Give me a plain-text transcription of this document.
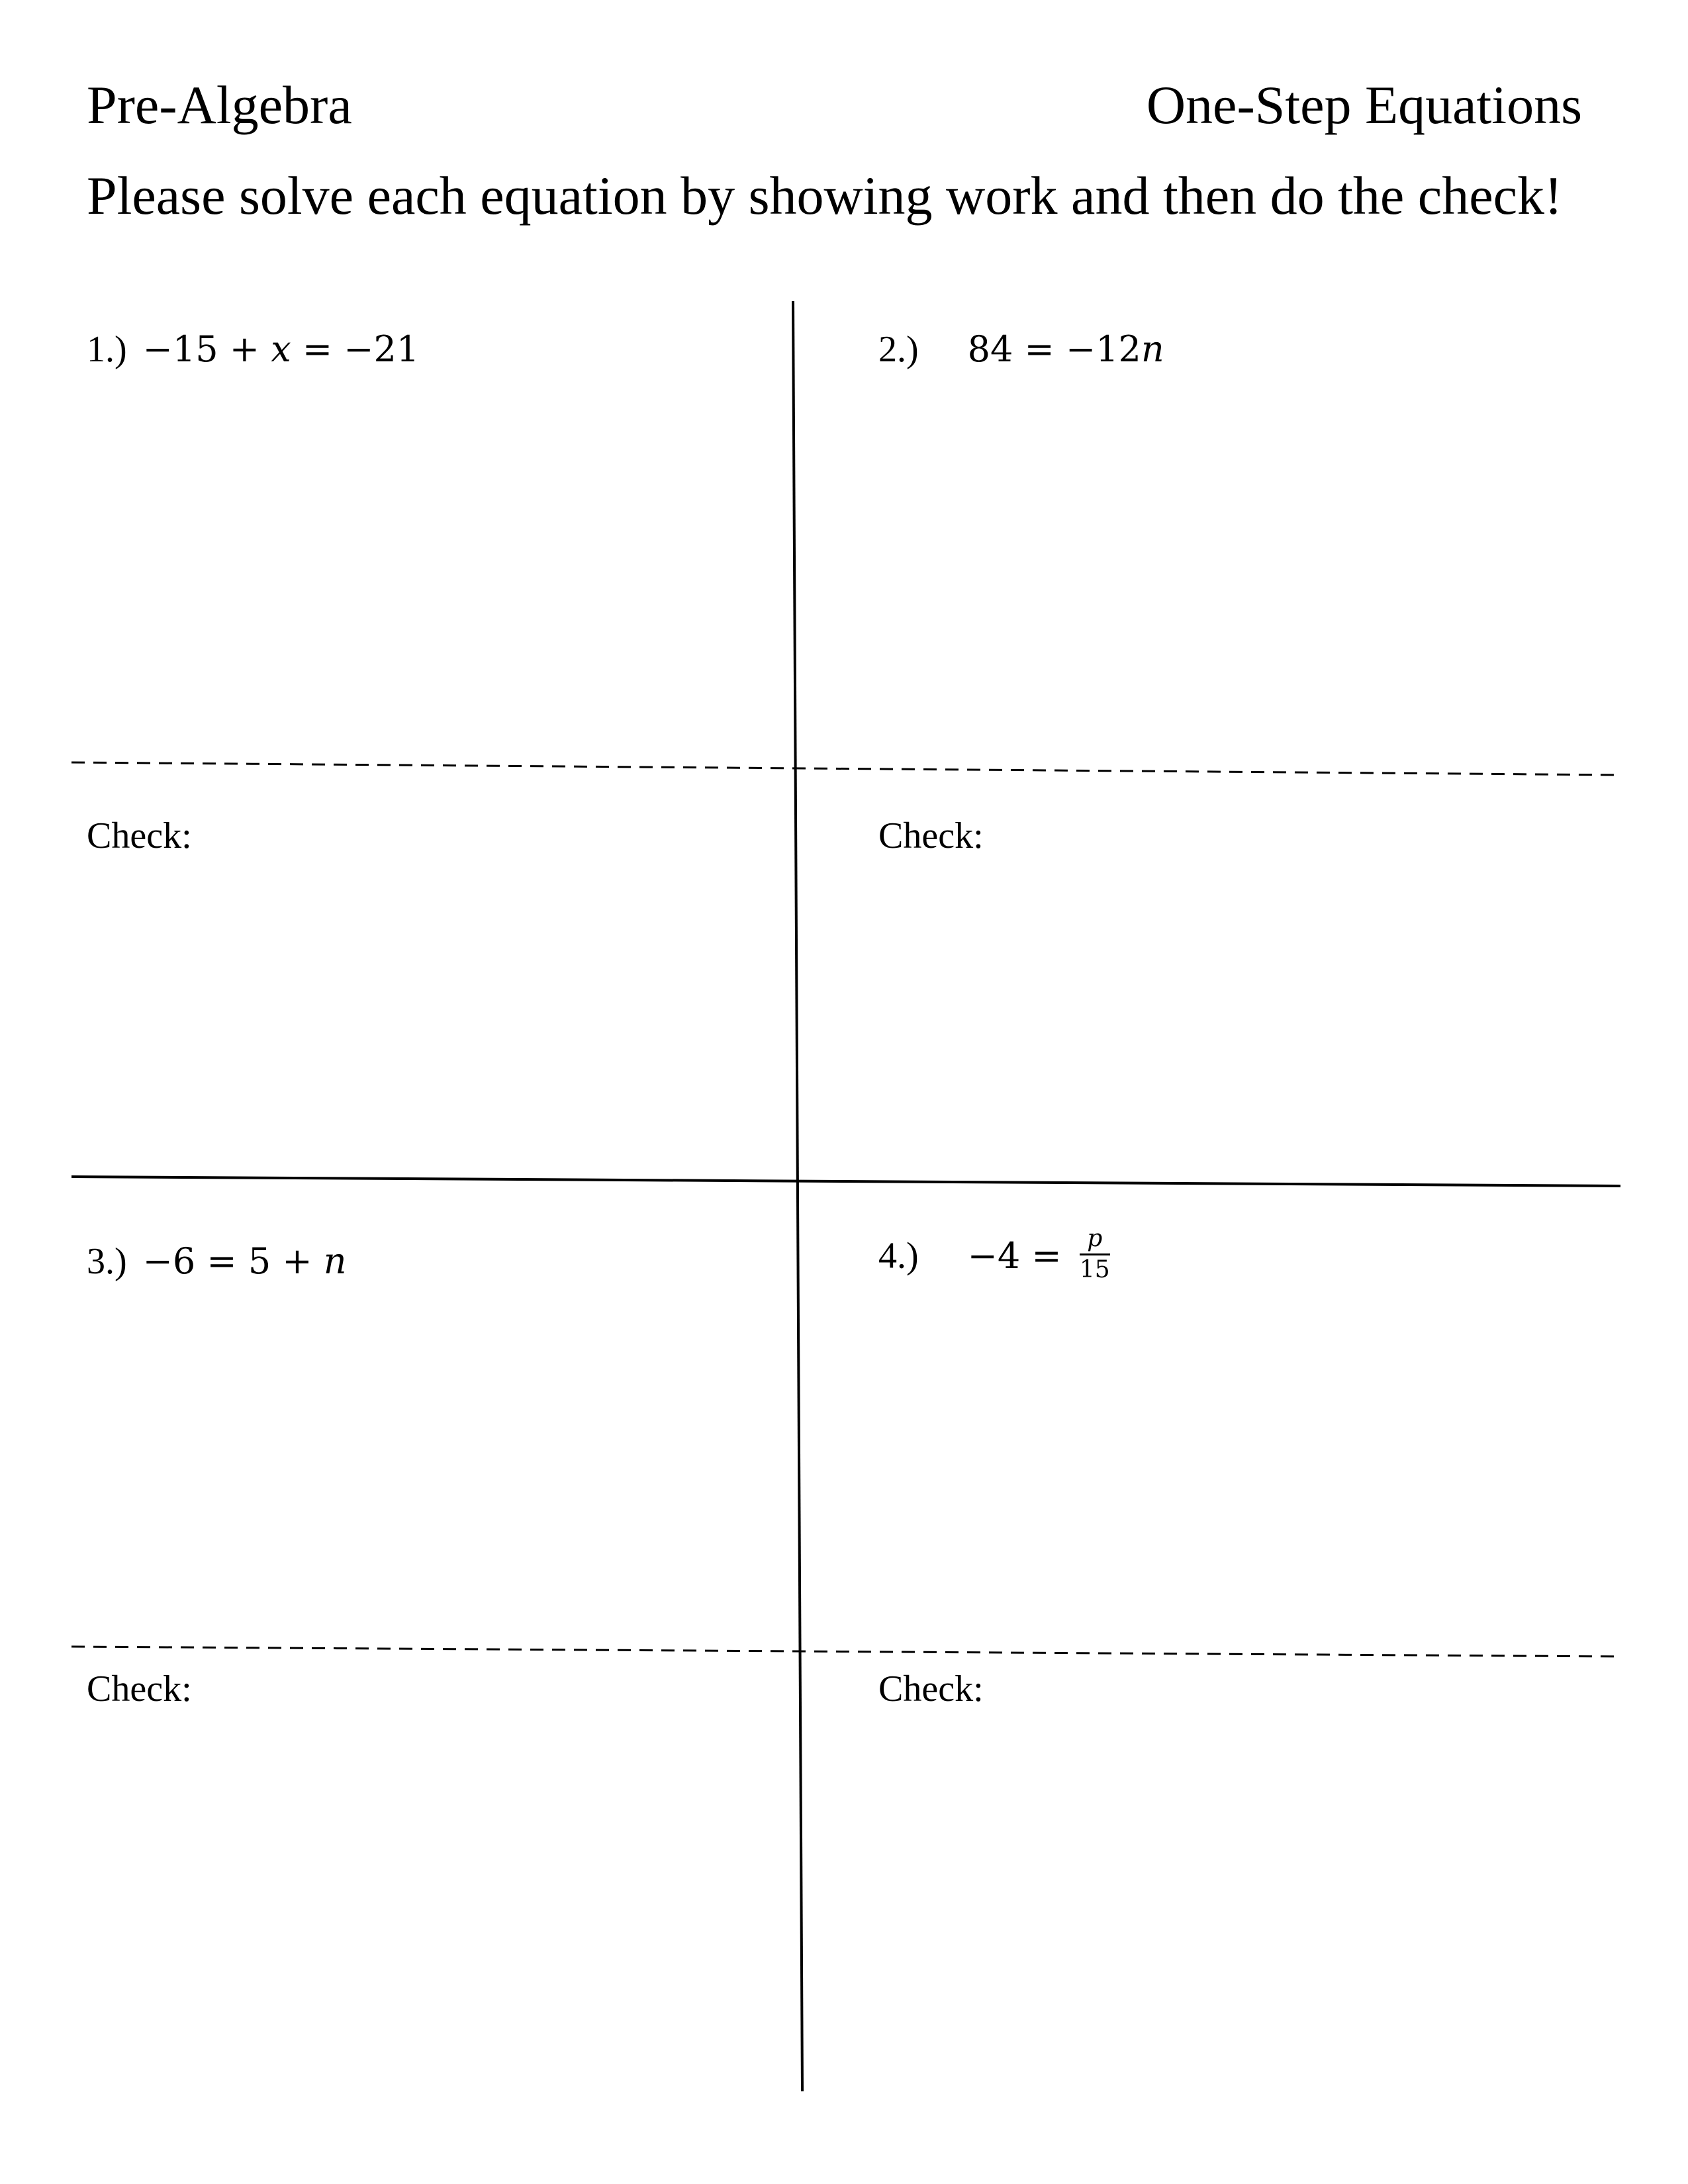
Pre-Algebra	One-Step Equations
Please solve each equation by showing work and then do the check!
1.) −15 + x = −21
Check:
2.) 84 = −12n
Check:
3.) −6 = 5 + n
Check:
$4.) -4 = \frac{p}{15}$
Check:
